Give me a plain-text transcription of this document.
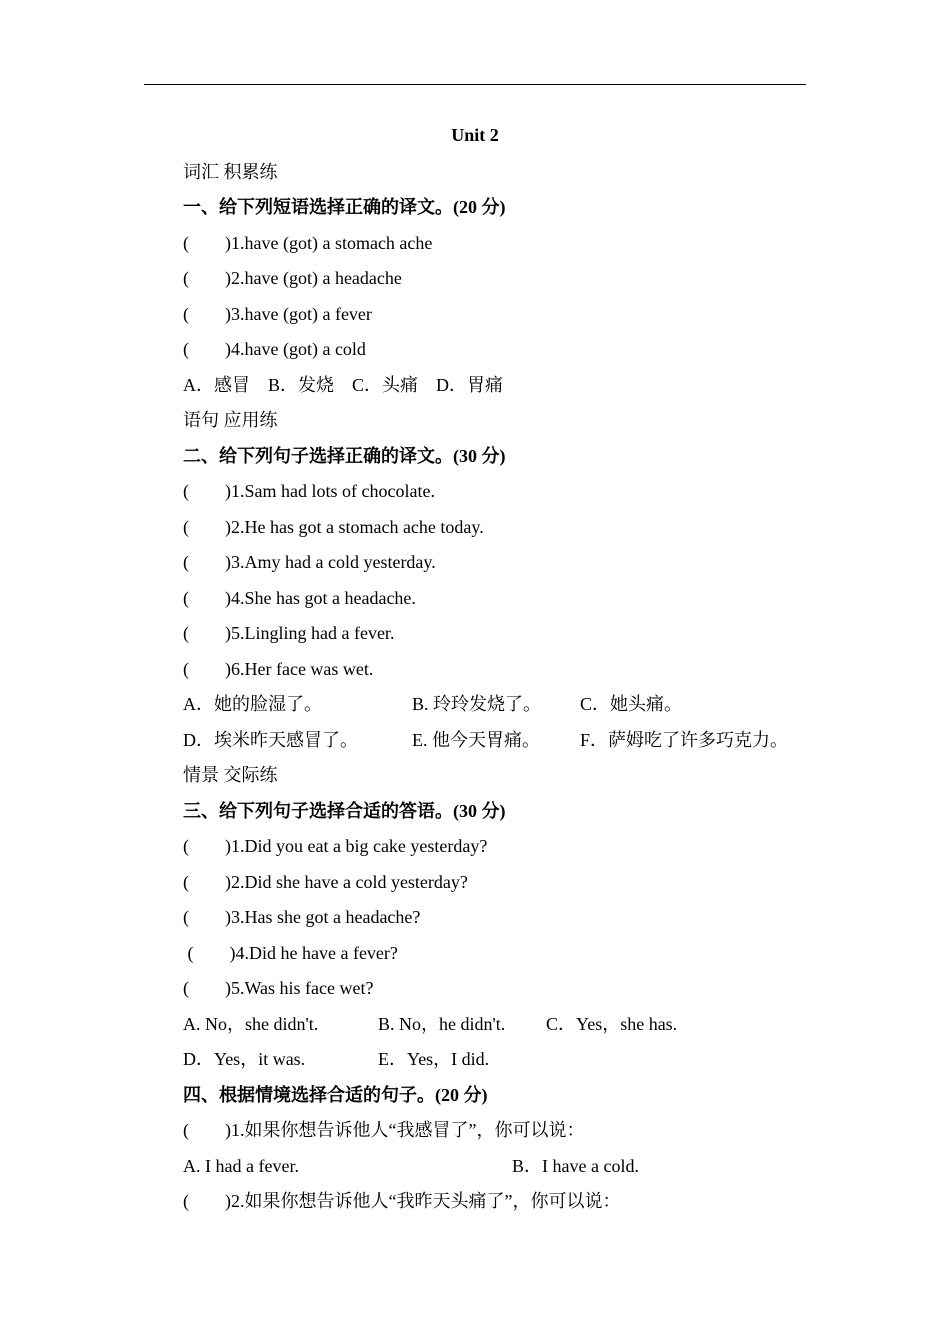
Unit 2
词汇 积累练
一、给下列短语选择正确的译文。(20 分)
(　　)1.have (got) a stomach ache
(　　)2.have (got) a headache
(　　)3.have (got) a fever
(　　)4.have (got) a cold
A．感冒　B．发烧　C．头痛　D．胃痛
语句 应用练
二、给下列句子选择正确的译文。(30 分)
(　　)1.Sam had lots of chocolate.
(　　)2.He has got a stomach ache today.
(　　)3.Amy had a cold yesterday.
(　　)4.She has got a headache.
(　　)5.Lingling had a fever.
(　　)6.Her face was wet.
A．她的脸湿了。	B. 玲玲发烧了。 C．她头痛。
D．埃米昨天感冒了。	E. 他今天胃痛。 F．萨姆吃了许多巧克力。
情景 交际练
三、给下列句子选择合适的答语。(30 分)
(　　)1.Did you eat a big cake yesterday?
(　　)2.Did she have a cold yesterday?
(　　)3.Has she got a headache?
(　　)4.Did he have a fever?
(　　)5.Was his face wet?
A. No，she didn't.	B. No，he didn't. C．Yes，she has.
D．Yes，it was.	E．Yes，I did.
四、根据情境选择合适的句子。(20 分)
(　　)1.如果你想告诉他人“我感冒了”，你可以说：
A. I had a fever.	B．I have a cold.
(　　)2.如果你想告诉他人“我昨天头痛了”，你可以说：
